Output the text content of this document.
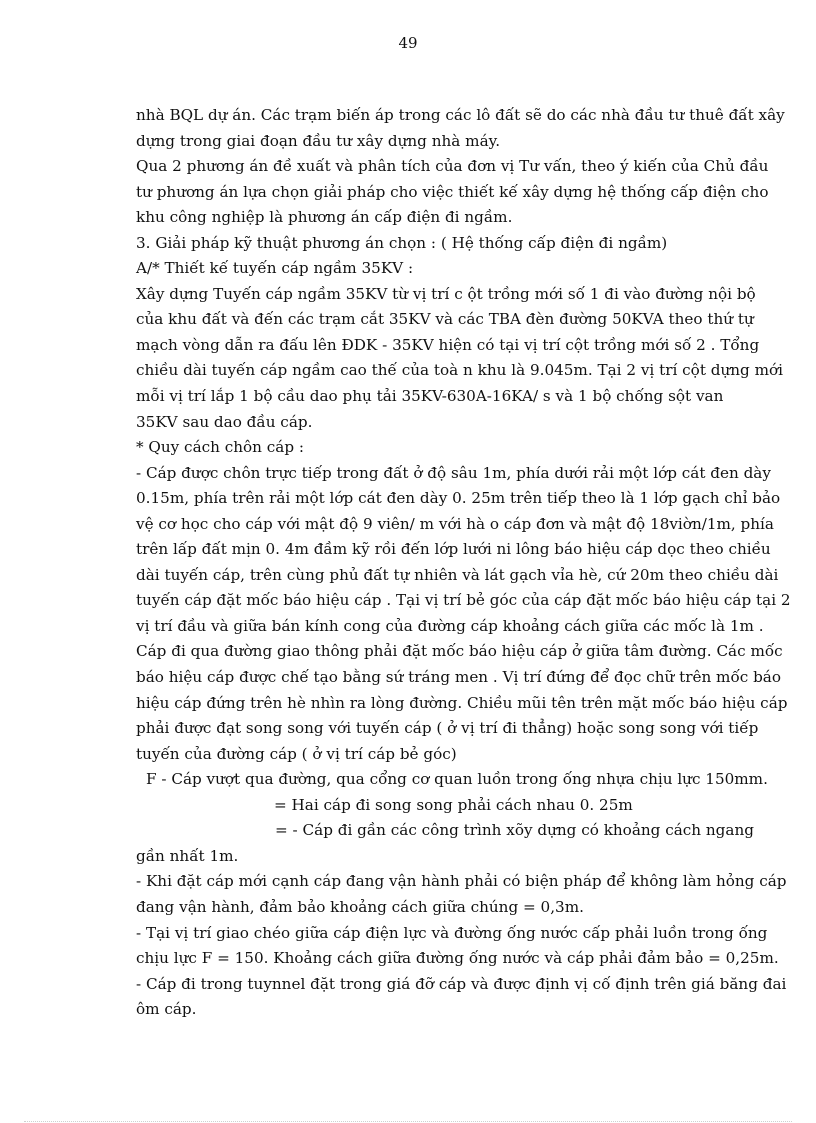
49
nhà BQL dự án. Các trạm biến áp trong các lô đất sẽ do các nhà đầu tư thuê đất xây
dựng trong giai đoạn đầu tư xây dựng nhà máy.
Qua 2 phương án đề xuất và phân tích của đơn vị Tư vấn, theo ý kiến của Chủ đầu
tư phương án lựa chọn giải pháp cho việc thiết kế xây dựng hệ thống cấp điện cho
khu công nghiệp là phương án cấp điện đi ngầm.
3. Giải pháp kỹ thuật phương án chọn : ( Hệ thống cấp điện đi ngầm)
A/* Thiết kế tuyến cáp ngầm 35KV :
Xây dựng Tuyến cáp ngầm 35KV từ vị trí c ột trồng mới số 1 đi vào đường nội bộ
của khu đất và đến các trạm cắt 35KV và các TBA đèn đường 50KVA theo thứ tự
mạch vòng dẫn ra đấu lên ĐDK - 35KV hiện có tại vị trí cột trồng mới số 2 . Tổng
chiều dài tuyến cáp ngầm cao thế của toà n khu là 9.045m. Tại 2 vị trí cột dựng mới
mỗi vị trí lắp 1 bộ cầu dao phụ tải 35KV-630A-16KA/ s và 1 bộ chống sột van
35KV sau dao đầu cáp.
* Quy cách chôn cáp :
- Cáp được chôn trực tiếp trong đất ở độ sâu 1m, phía dưới rải một lớp cát đen dày
0.15m, phía trên rải một lớp cát đen dày 0. 25m trên tiếp theo là 1 lớp gạch chỉ bảo
vệ cơ học cho cáp với mật độ 9 viên/ m với hà o cáp đơn và mật độ 18viờn/1m, phía
trên lấp đất mịn 0. 4m đầm kỹ rồi đến lớp lưới ni lông báo hiệu cáp dọc theo chiều
dài tuyến cáp, trên cùng phủ đất tự nhiên và lát gạch vỉa hè, cứ 20m theo chiều dài
tuyến cáp đặt mốc báo hiệu cáp . Tại vị trí bẻ góc của cáp đặt mốc báo hiệu cáp tại 2
vị trí đầu và giữa bán kính cong của đường cáp khoảng cách giữa các mốc là 1m .
Cáp đi qua đường giao thông phải đặt mốc báo hiệu cáp ở giữa tâm đường. Các mốc
báo hiệu cáp được chế tạo bằng sứ tráng men . Vị trí đứng để đọc chữ trên mốc báo
hiệu cáp đứng trên hè nhìn ra lòng đường. Chiều mũi tên trên mặt mốc báo hiệu cáp
phải được đạt song song với tuyến cáp ( ở vị trí đi thẳng) hoặc song song với tiếp
tuyến của đường cáp ( ở vị trí cáp bẻ góc)
F - Cáp vượt qua đường, qua cổng cơ quan luồn trong ống nhựa chịu lực 150mm.
= Hai cáp đi song song phải cách nhau 0. 25m
= - Cáp đi gần các công trình xõy dựng có khoảng cách ngang
gần nhất 1m.
- Khi đặt cáp mới cạnh cáp đang vận hành phải có biện pháp để không làm hỏng cáp
đang vận hành, đảm bảo khoảng cách giữa chúng = 0,3m.
- Tại vị trí giao chéo giữa cáp điện lực và đường ống nước cấp phải luồn trong ống
chịu lực F = 150. Khoảng cách giữa đường ống nước và cáp phải đảm bảo = 0,25m.
- Cáp đi trong tuynnel đặt trong giá đỡ cáp và được định vị cố định trên giá băng đai
ôm cáp.
